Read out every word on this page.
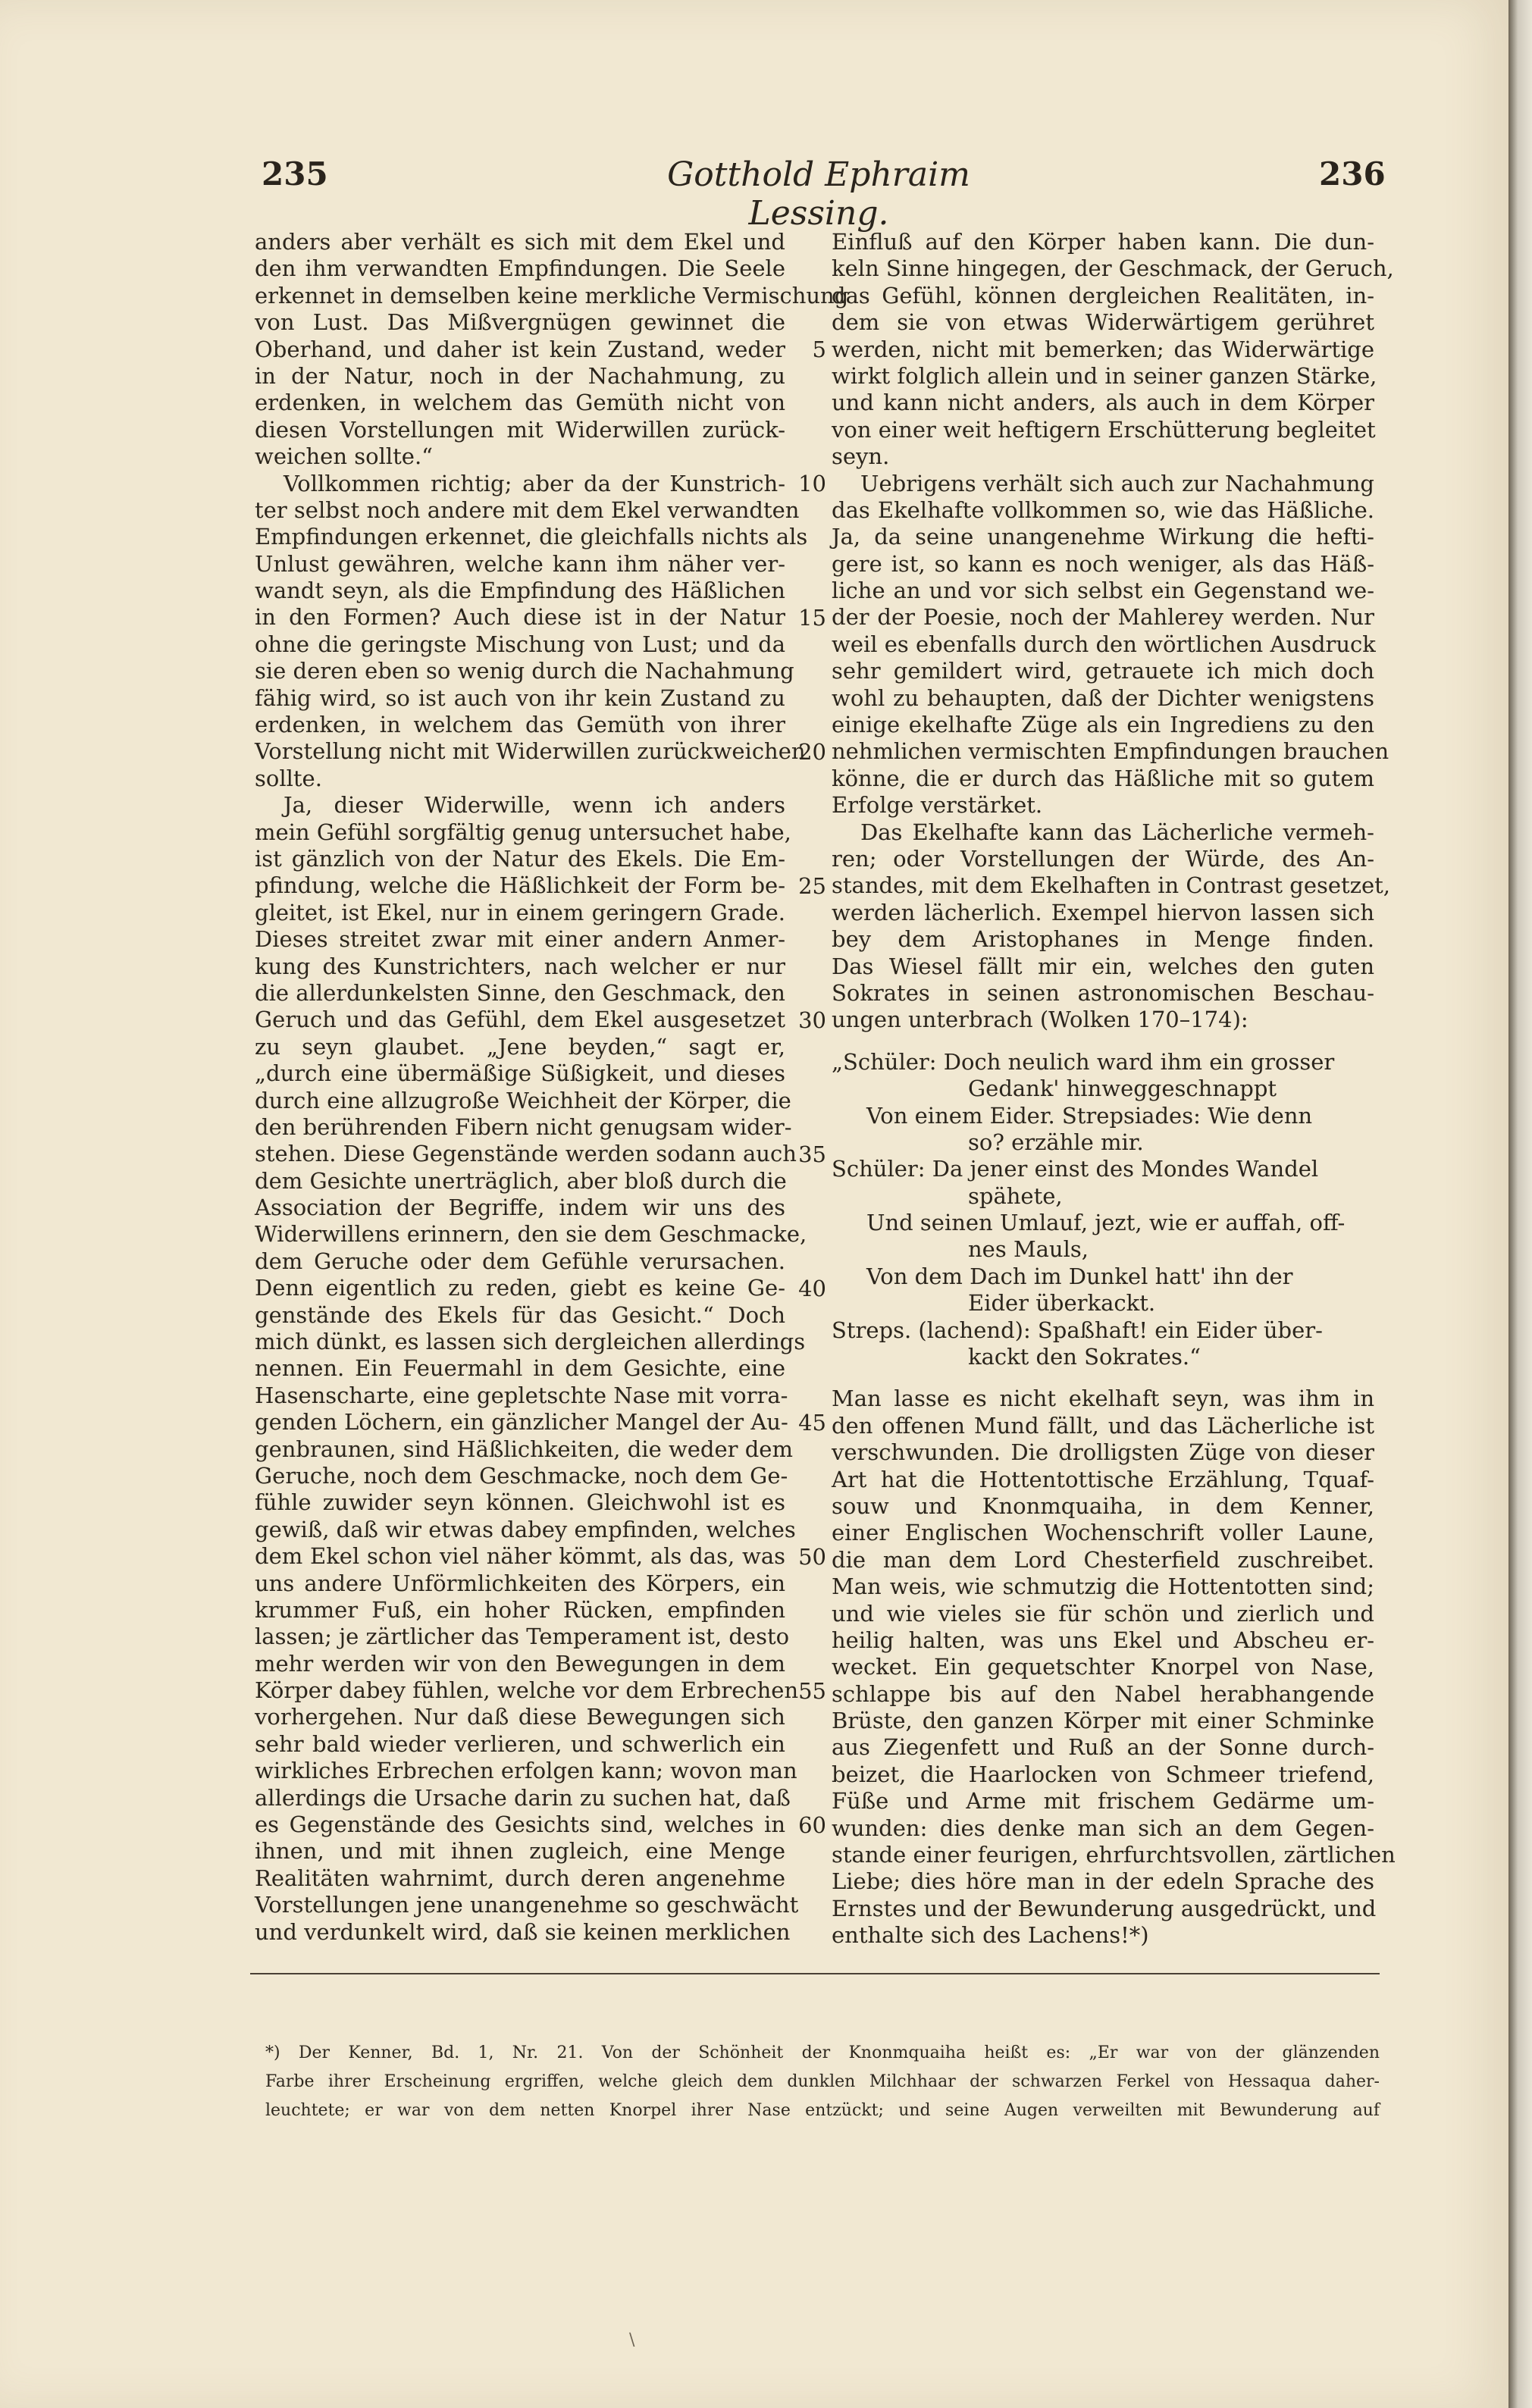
235	Gotthold Ephraim Lessing.
236
anders aber verhält es sich mit dem Ekel und
den ihm verwandten Empfindungen. Die Seele
erkennet in demselben keine merkliche Vermischung
von Lust. Das Mißvergnügen gewinnet die
Oberhand, und daher ist kein Zustand, weder
in der Natur, noch in der Nachahmung, zu
erdenken, in welchem das Gemüth nicht von
diesen Vorstellungen mit Widerwillen zurück-
weichen sollte.“
Vollkommen richtig; aber da der Kunstrich-
ter selbst noch andere mit dem Ekel verwandten
Empfindungen erkennet, die gleichfalls nichts als
Unlust gewähren, welche kann ihm näher ver-
wandt seyn, als die Empfindung des Häßlichen
in den Formen? Auch diese ist in der Natur
ohne die geringste Mischung von Lust; und da
sie deren eben so wenig durch die Nachahmung
fähig wird, so ist auch von ihr kein Zustand zu
erdenken, in welchem das Gemüth von ihrer
Vorstellung nicht mit Widerwillen zurückweichen
sollte.
Ja, dieser Widerwille, wenn ich anders
mein Gefühl sorgfältig genug untersuchet habe,
ist gänzlich von der Natur des Ekels. Die Em-
pfindung, welche die Häßlichkeit der Form be-
gleitet, ist Ekel, nur in einem geringern Grade.
Dieses streitet zwar mit einer andern Anmer-
kung des Kunstrichters, nach welcher er nur
die allerdunkelsten Sinne, den Geschmack, den
Geruch und das Gefühl, dem Ekel ausgesetzet
zu seyn glaubet. „Jene beyden,“ sagt er,
„durch eine übermäßige Süßigkeit, und dieses
durch eine allzugroße Weichheit der Körper, die
den berührenden Fibern nicht genugsam wider-
stehen. Diese Gegenstände werden sodann auch
dem Gesichte unerträglich, aber bloß durch die
Association der Begriffe, indem wir uns des
Widerwillens erinnern, den sie dem Geschmacke,
dem Geruche oder dem Gefühle verursachen.
Denn eigentlich zu reden, giebt es keine Ge-
genstände des Ekels für das Gesicht.“ Doch
mich dünkt, es lassen sich dergleichen allerdings
nennen. Ein Feuermahl in dem Gesichte, eine
Hasenscharte, eine gepletschte Nase mit vorra-
genden Löchern, ein gänzlicher Mangel der Au-
genbraunen, sind Häßlichkeiten, die weder dem
Geruche, noch dem Geschmacke, noch dem Ge-
fühle zuwider seyn können. Gleichwohl ist es
gewiß, daß wir etwas dabey empfinden, welches
dem Ekel schon viel näher kömmt, als das, was
uns andere Unförmlichkeiten des Körpers, ein
krummer Fuß, ein hoher Rücken, empfinden
lassen; je zärtlicher das Temperament ist, desto
mehr werden wir von den Bewegungen in dem
Körper dabey fühlen, welche vor dem Erbrechen
vorhergehen. Nur daß diese Bewegungen sich
sehr bald wieder verlieren, und schwerlich ein
wirkliches Erbrechen erfolgen kann; wovon man
allerdings die Ursache darin zu suchen hat, daß
es Gegenstände des Gesichts sind, welches in
ihnen, und mit ihnen zugleich, eine Menge
Realitäten wahrnimt, durch deren angenehme
Vorstellungen jene unangenehme so geschwächt
und verdunkelt wird, daß sie keinen merklichen
5
10
15
20
25
30
35
40
45
50
55
60
Einfluß auf den Körper haben kann. Die dun-
keln Sinne hingegen, der Geschmack, der Geruch,
das Gefühl, können dergleichen Realitäten, in-
dem sie von etwas Widerwärtigem gerühret
werden, nicht mit bemerken; das Widerwärtige
wirkt folglich allein und in seiner ganzen Stärke,
und kann nicht anders, als auch in dem Körper
von einer weit heftigern Erschütterung begleitet
seyn.
Uebrigens verhält sich auch zur Nachahmung
das Ekelhafte vollkommen so, wie das Häßliche.
Ja, da seine unangenehme Wirkung die hefti-
gere ist, so kann es noch weniger, als das Häß-
liche an und vor sich selbst ein Gegenstand we-
der der Poesie, noch der Mahlerey werden. Nur
weil es ebenfalls durch den wörtlichen Ausdruck
sehr gemildert wird, getrauete ich mich doch
wohl zu behaupten, daß der Dichter wenigstens
einige ekelhafte Züge als ein Ingrediens zu den
nehmlichen vermischten Empfindungen brauchen
könne, die er durch das Häßliche mit so gutem
Erfolge verstärket.
Das Ekelhafte kann das Lächerliche vermeh-
ren; oder Vorstellungen der Würde, des An-
standes, mit dem Ekelhaften in Contrast gesetzet,
werden lächerlich. Exempel hiervon lassen sich
bey dem Aristophanes in Menge finden.
Das Wiesel fällt mir ein, welches den guten
Sokrates in seinen astronomischen Beschau-
ungen unterbrach (Wolken 170–174):
„Schüler: Doch neulich ward ihm ein grosser
Gedank' hinweggeschnappt
Von einem Eider. Strepsiades: Wie denn
so? erzähle mir.
Schüler: Da jener einst des Mondes Wandel
spähete,
Und seinen Umlauf, jezt, wie er auffah, off-
nes Mauls,
Von dem Dach im Dunkel hatt' ihn der
Eider überkackt.
Streps. (lachend): Spaßhaft! ein Eider über-
kackt den Sokrates.“
Man lasse es nicht ekelhaft seyn, was ihm in
den offenen Mund fällt, und das Lächerliche ist
verschwunden. Die drolligsten Züge von dieser
Art hat die Hottentottische Erzählung, Tquaf-
souw und Knonmquaiha, in dem Kenner,
einer Englischen Wochenschrift voller Laune,
die man dem Lord Chesterfield zuschreibet.
Man weis, wie schmutzig die Hottentotten sind;
und wie vieles sie für schön und zierlich und
heilig halten, was uns Ekel und Abscheu er-
wecket. Ein gequetschter Knorpel von Nase,
schlappe bis auf den Nabel herabhangende
Brüste, den ganzen Körper mit einer Schminke
aus Ziegenfett und Ruß an der Sonne durch-
beizet, die Haarlocken von Schmeer triefend,
Füße und Arme mit frischem Gedärme um-
wunden: dies denke man sich an dem Gegen-
stande einer feurigen, ehrfurchtsvollen, zärtlichen
Liebe; dies höre man in der edeln Sprache des
Ernstes und der Bewunderung ausgedrückt, und
enthalte sich des Lachens!*)
*) Der Kenner, Bd. 1, Nr. 21. Von der Schönheit der Knonmquaiha heißt es: „Er war von der glänzenden
Farbe ihrer Erscheinung ergriffen, welche gleich dem dunklen Milchhaar der schwarzen Ferkel von Hessaqua daher-
leuchtete; er war von dem netten Knorpel ihrer Nase entzückt; und seine Augen verweilten mit Bewunderung auf
\
